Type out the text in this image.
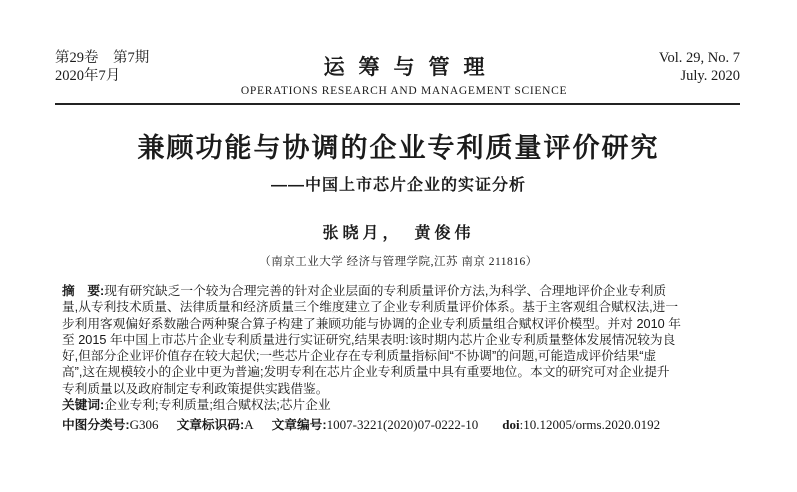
第29卷　第7期
2020年7月	运筹与管理
OPERATIONS RESEARCH AND MANAGEMENT SCIENCE
Vol. 29, No. 7
July. 2020
兼顾功能与协调的企业专利质量评价研究
——中国上市芯片企业的实证分析
张晓月，　黄俊伟
（南京工业大学 经济与管理学院,江苏 南京 211816）
摘　要:现有研究缺乏一个较为合理完善的针对企业层面的专利质量评价方法,为科学、合理地评价企业专利质
量,从专利技术质量、法律质量和经济质量三个维度建立了企业专利质量评价体系。基于主客观组合赋权法,进一
步利用客观偏好系数融合两种聚合算子构建了兼顾功能与协调的企业专利质量组合赋权评价模型。并对 2010 年
至 2015 年中国上市芯片企业专利质量进行实证研究,结果表明:该时期内芯片企业专利质量整体发展情况较为良
好,但部分企业评价值存在较大起伏;一些芯片企业存在专利质量指标间“不协调”的问题,可能造成评价结果“虚
高”,这在规模较小的企业中更为普遍;发明专利在芯片企业专利质量中具有重要地位。本文的研究可对企业提升
专利质量以及政府制定专利政策提供实践借鉴。
关键词:企业专利;专利质量;组合赋权法;芯片企业
中图分类号: G306 文章标识码: A 文章编号: 1007-3221(2020)07-0222-10 doi :10.12005/orms.2020.0192
